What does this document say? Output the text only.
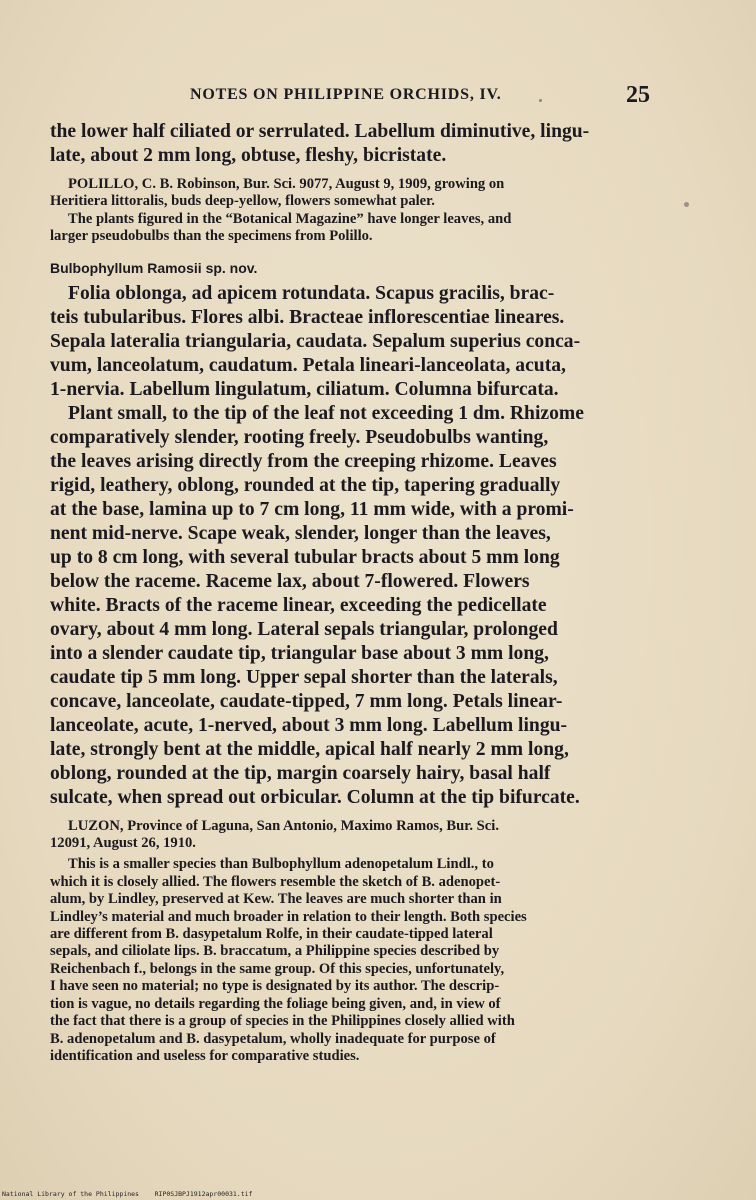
NOTES ON PHILIPPINE ORCHIDS, IV.	25

the lower half ciliated or serrulated. Labellum diminutive, lingu-
late, about 2 mm long, obtuse, fleshy, bicristate.

POLILLO, C. B. Robinson, Bur. Sci. 9077, August 9, 1909, growing on
Heritiera littoralis, buds deep-yellow, flowers somewhat paler.

The plants figured in the “Botanical Magazine” have longer leaves, and
larger pseudobulbs than the specimens from Polillo.

Bulbophyllum Ramosii sp. nov.

Folia oblonga, ad apicem rotundata. Scapus gracilis, brac-
teis tubularibus. Flores albi. Bracteae inflorescentiae lineares.
Sepala lateralia triangularia, caudata. Sepalum superius conca-
vum, lanceolatum, caudatum. Petala lineari-lanceolata, acuta,
1-nervia. Labellum lingulatum, ciliatum. Columna bifurcata.

Plant small, to the tip of the leaf not exceeding 1 dm. Rhizome
comparatively slender, rooting freely. Pseudobulbs wanting,
the leaves arising directly from the creeping rhizome. Leaves
rigid, leathery, oblong, rounded at the tip, tapering gradually
at the base, lamina up to 7 cm long, 11 mm wide, with a promi-
nent mid-nerve. Scape weak, slender, longer than the leaves,
up to 8 cm long, with several tubular bracts about 5 mm long
below the raceme. Raceme lax, about 7-flowered. Flowers
white. Bracts of the raceme linear, exceeding the pedicellate
ovary, about 4 mm long. Lateral sepals triangular, prolonged
into a slender caudate tip, triangular base about 3 mm long,
caudate tip 5 mm long. Upper sepal shorter than the laterals,
concave, lanceolate, caudate-tipped, 7 mm long. Petals linear-
lanceolate, acute, 1-nerved, about 3 mm long. Labellum lingu-
late, strongly bent at the middle, apical half nearly 2 mm long,
oblong, rounded at the tip, margin coarsely hairy, basal half
sulcate, when spread out orbicular. Column at the tip bifurcate.

LUZON, Province of Laguna, San Antonio, Maximo Ramos, Bur. Sci.
12091, August 26, 1910.

This is a smaller species than Bulbophyllum adenopetalum Lindl., to
which it is closely allied. The flowers resemble the sketch of B. adenopet-
alum, by Lindley, preserved at Kew. The leaves are much shorter than in
Lindley’s material and much broader in relation to their length. Both species
are different from B. dasypetalum Rolfe, in their caudate-tipped lateral
sepals, and ciliolate lips. B. braccatum, a Philippine species described by
Reichenbach f., belongs in the same group. Of this species, unfortunately,
I have seen no material; no type is designated by its author. The descrip-
tion is vague, no details regarding the foliage being given, and, in view of
the fact that there is a group of species in the Philippines closely allied with
B. adenopetalum and B. dasypetalum, wholly inadequate for purpose of
identification and useless for comparative studies.

National Library of the Philippines RIP0SJBPJ1912apr00031.tif
